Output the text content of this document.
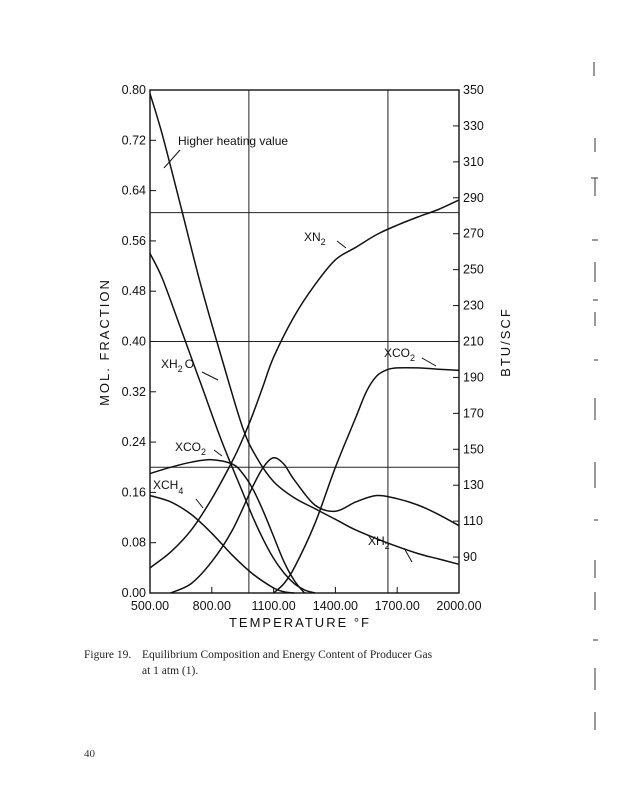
500.00 800.00 1100.00 1400.00 1700.00 2000.00
0.00
0.08
0.16
0.24
0.32
0.40
0.48
0.56
0.64
0.72
0.80
90
110
130
150
170
190
210
230
250
270
290
310
330
350
TEMPERATURE °F
MOL. FRACTION	BTU/SCF
Higher heating value
$XN_2$
$XH_2$ O
$XCO_2$
$XCH_4$
$XCO_2$
$XH_2$
Figure 19. Equilibrium Composition and Energy Content of Producer Gas
at 1 atm (1).
40
